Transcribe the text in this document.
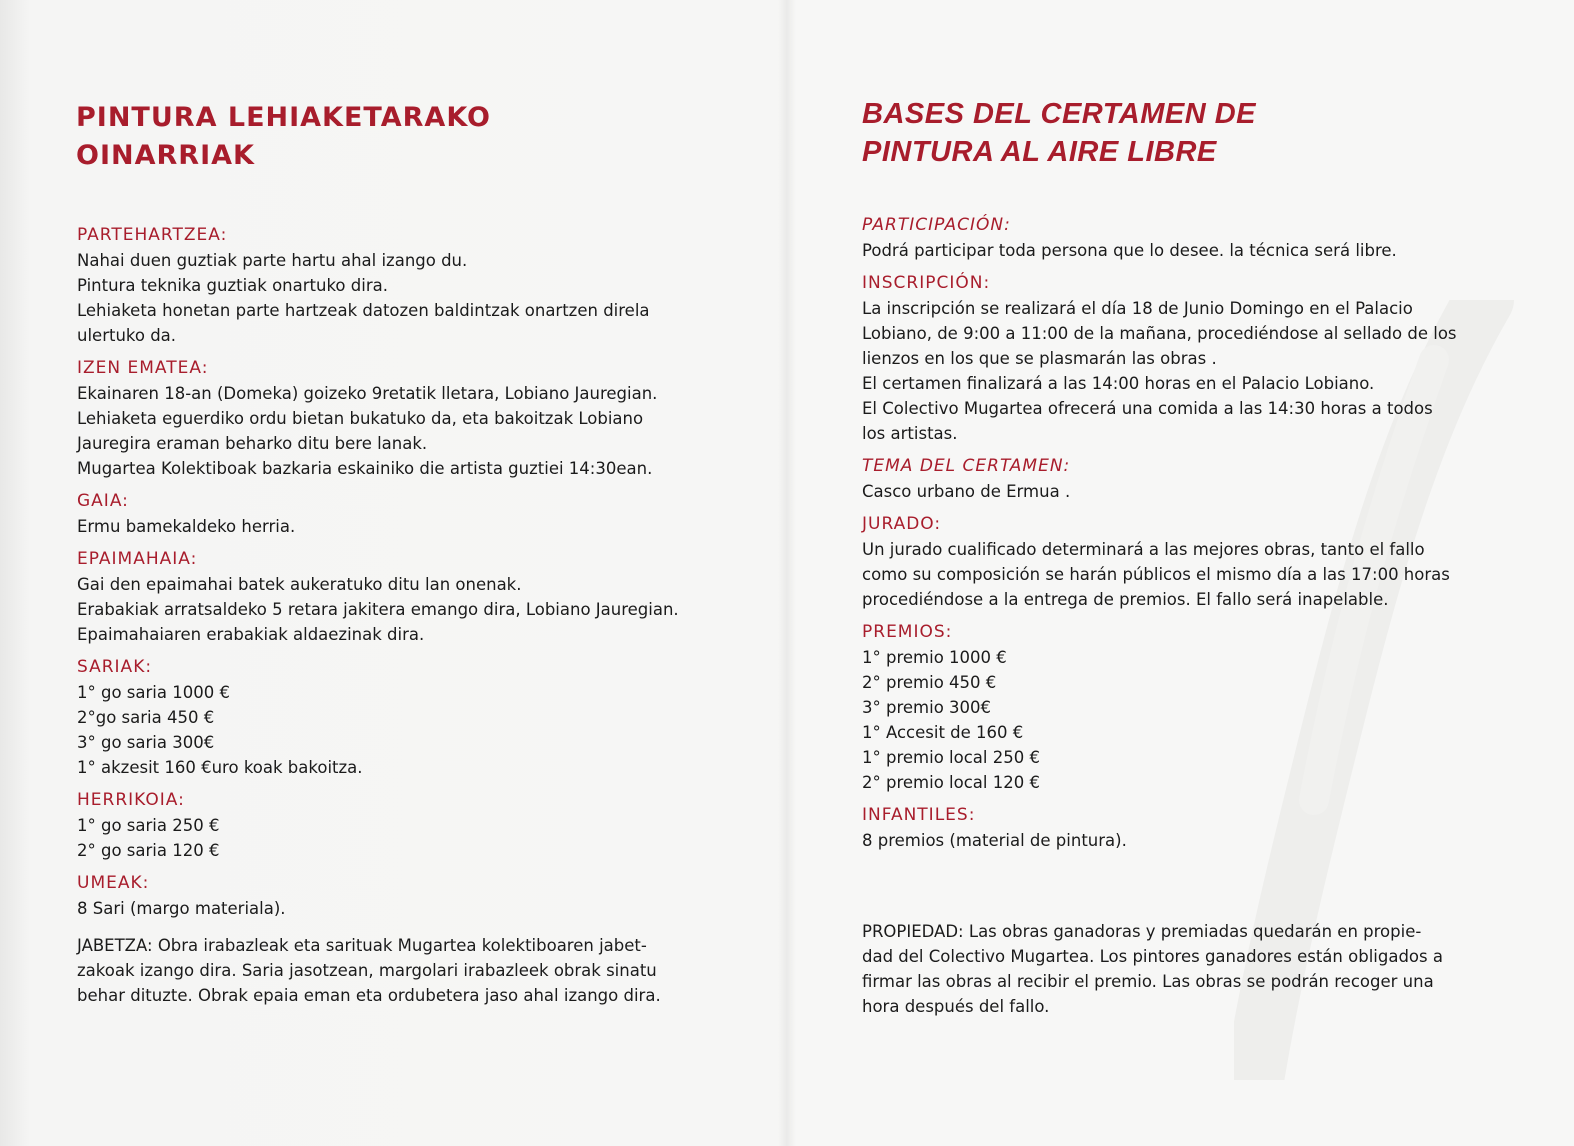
PINTURA LEHIAKETARAKO
OINARRIAK
BASES DEL CERTAMEN DE
PINTURA AL AIRE LIBRE
PARTEHARTZEA:
Nahai duen guztiak parte hartu ahal izango du.
Pintura teknika guztiak onartuko dira.
Lehiaketa honetan parte hartzeak datozen baldintzak onartzen direla
ulertuko da.
IZEN EMATEA:
Ekainaren 18-an (Domeka) goizeko 9retatik lletara, Lobiano Jauregian.
Lehiaketa eguerdiko ordu bietan bukatuko da, eta bakoitzak Lobiano
Jauregira eraman beharko ditu bere lanak.
Mugartea Kolektiboak bazkaria eskainiko die artista guztiei 14:30ean.
GAIA:
Ermu bamekaldeko herria.
EPAIMAHAIA:
Gai den epaimahai batek aukeratuko ditu lan onenak.
Erabakiak arratsaldeko 5 retara jakitera emango dira, Lobiano Jauregian.
Epaimahaiaren erabakiak aldaezinak dira.
SARIAK:
1° go saria 1000 €
2°go saria 450 €
3° go saria 300€
1° akzesit 160 €uro koak bakoitza.
HERRIKOIA:
1° go saria 250 €
2° go saria 120 €
UMEAK:
8 Sari (margo materiala).
JABETZA: Obra irabazleak eta sarituak Mugartea kolektiboaren jabet-
zakoak izango dira. Saria jasotzean, margolari irabazleek obrak sinatu
behar dituzte. Obrak epaia eman eta ordubetera jaso ahal izango dira.
PARTICIPACIÓN:
Podrá participar toda persona que lo desee. la técnica será libre.
INSCRIPCIÓN:
La inscripción se realizará el día 18 de Junio Domingo en el Palacio
Lobiano, de 9:00 a 11:00 de la mañana, procediéndose al sellado de los
lienzos en los que se plasmarán las obras .
El certamen finalizará a las 14:00 horas en el Palacio Lobiano.
El Colectivo Mugartea ofrecerá una comida a las 14:30 horas a todos
los artistas.
TEMA DEL CERTAMEN:
Casco urbano de Ermua .
JURADO:
Un jurado cualificado determinará a las mejores obras, tanto el fallo
como su composición se harán públicos el mismo día a las 17:00 horas
procediéndose a la entrega de premios. El fallo será inapelable.
PREMIOS:
1° premio 1000 €
2° premio 450 €
3° premio 300€
1° Accesit de 160 €
1° premio local 250 €
2° premio local 120 €
INFANTILES:
8 premios (material de pintura).
PROPIEDAD: Las obras ganadoras y premiadas quedarán en propie-
dad del Colectivo Mugartea. Los pintores ganadores están obligados a
firmar las obras al recibir el premio. Las obras se podrán recoger una
hora después del fallo.
